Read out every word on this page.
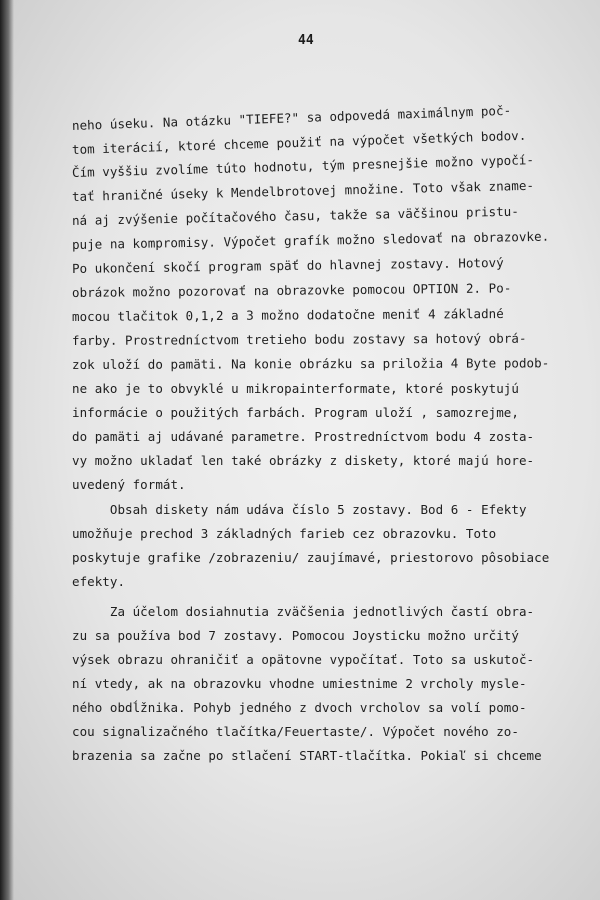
44
neho úseku. Na otázku "TIEFE?" sa odpovedá maximálnym poč-
tom iterácií, ktoré chceme použiť na výpočet všetkých bodov.
Čím vyššiu zvolíme túto hodnotu, tým presnejšie možno vypočí-
tať hraničné úseky k Mendelbrotovej množine. Toto však zname-
ná aj zvýšenie počítačového času, takže sa väčšinou pristu-
puje na kompromisy. Výpočet grafík možno sledovať na obrazovke.
Po ukončení skočí program späť do hlavnej zostavy. Hotový
obrázok možno pozorovať na obrazovke pomocou OPTION 2. Po-
mocou tlačitok 0,1,2 a 3 možno dodatočne meniť 4 základné
farby. Prostredníctvom tretieho bodu zostavy sa hotový obrá-
zok uloží do pamäti. Na konie obrázku sa priložia 4 Byte podob-
ne ako je to obvyklé u mikropainterformate, ktoré poskytujú
informácie o použitých farbách. Program uloží , samozrejme,
do pamäti aj udávané parametre. Prostredníctvom bodu 4 zosta-
vy možno ukladať len také obrázky z diskety, ktoré majú hore-
uvedený formát.
Obsah diskety nám udáva číslo 5 zostavy. Bod 6 - Efekty
umožňuje prechod 3 základných farieb cez obrazovku. Toto
poskytuje grafike /zobrazeniu/ zaujímavé, priestorovo pôsobiace
efekty.
Za účelom dosiahnutia zväčšenia jednotlivých častí obra-
zu sa používa bod 7 zostavy. Pomocou Joysticku možno určitý
výsek obrazu ohraničiť a opätovne vypočítať. Toto sa uskutoč-
ní vtedy, ak na obrazovku vhodne umiestnime 2 vrcholy mysle-
ného obdĺžnika. Pohyb jedného z dvoch vrcholov sa volí pomo-
cou signalizačného tlačítka/Feuertaste/. Výpočet nového zo-
brazenia sa začne po stlačení START-tlačítka. Pokiaľ si chceme
